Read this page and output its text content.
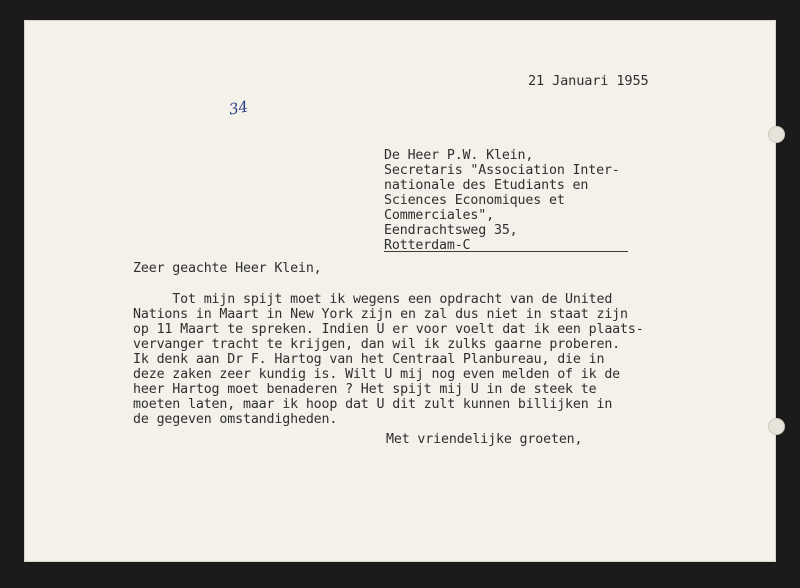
21 Januari 1955

34

De Heer P.W. Klein,

Secretaris "Association Inter-

nationale des Etudiants en

Sciences Economiques et

Commerciales",

Eendrachtsweg 35,

Rotterdam-C

Zeer geachte Heer Klein,

Tot mijn spijt moet ik wegens een opdracht van de United

Nations in Maart in New York zijn en zal dus niet in staat zijn

op 11 Maart te spreken. Indien U er voor voelt dat ik een plaats-

vervanger tracht te krijgen, dan wil ik zulks gaarne proberen.

Ik denk aan Dr F. Hartog van het Centraal Planbureau, die in

deze zaken zeer kundig is. Wilt U mij nog even melden of ik de

heer Hartog moet benaderen ? Het spijt mij U in de steek te

moeten laten, maar ik hoop dat U dit zult kunnen billijken in

de gegeven omstandigheden.

Met vriendelijke groeten,
